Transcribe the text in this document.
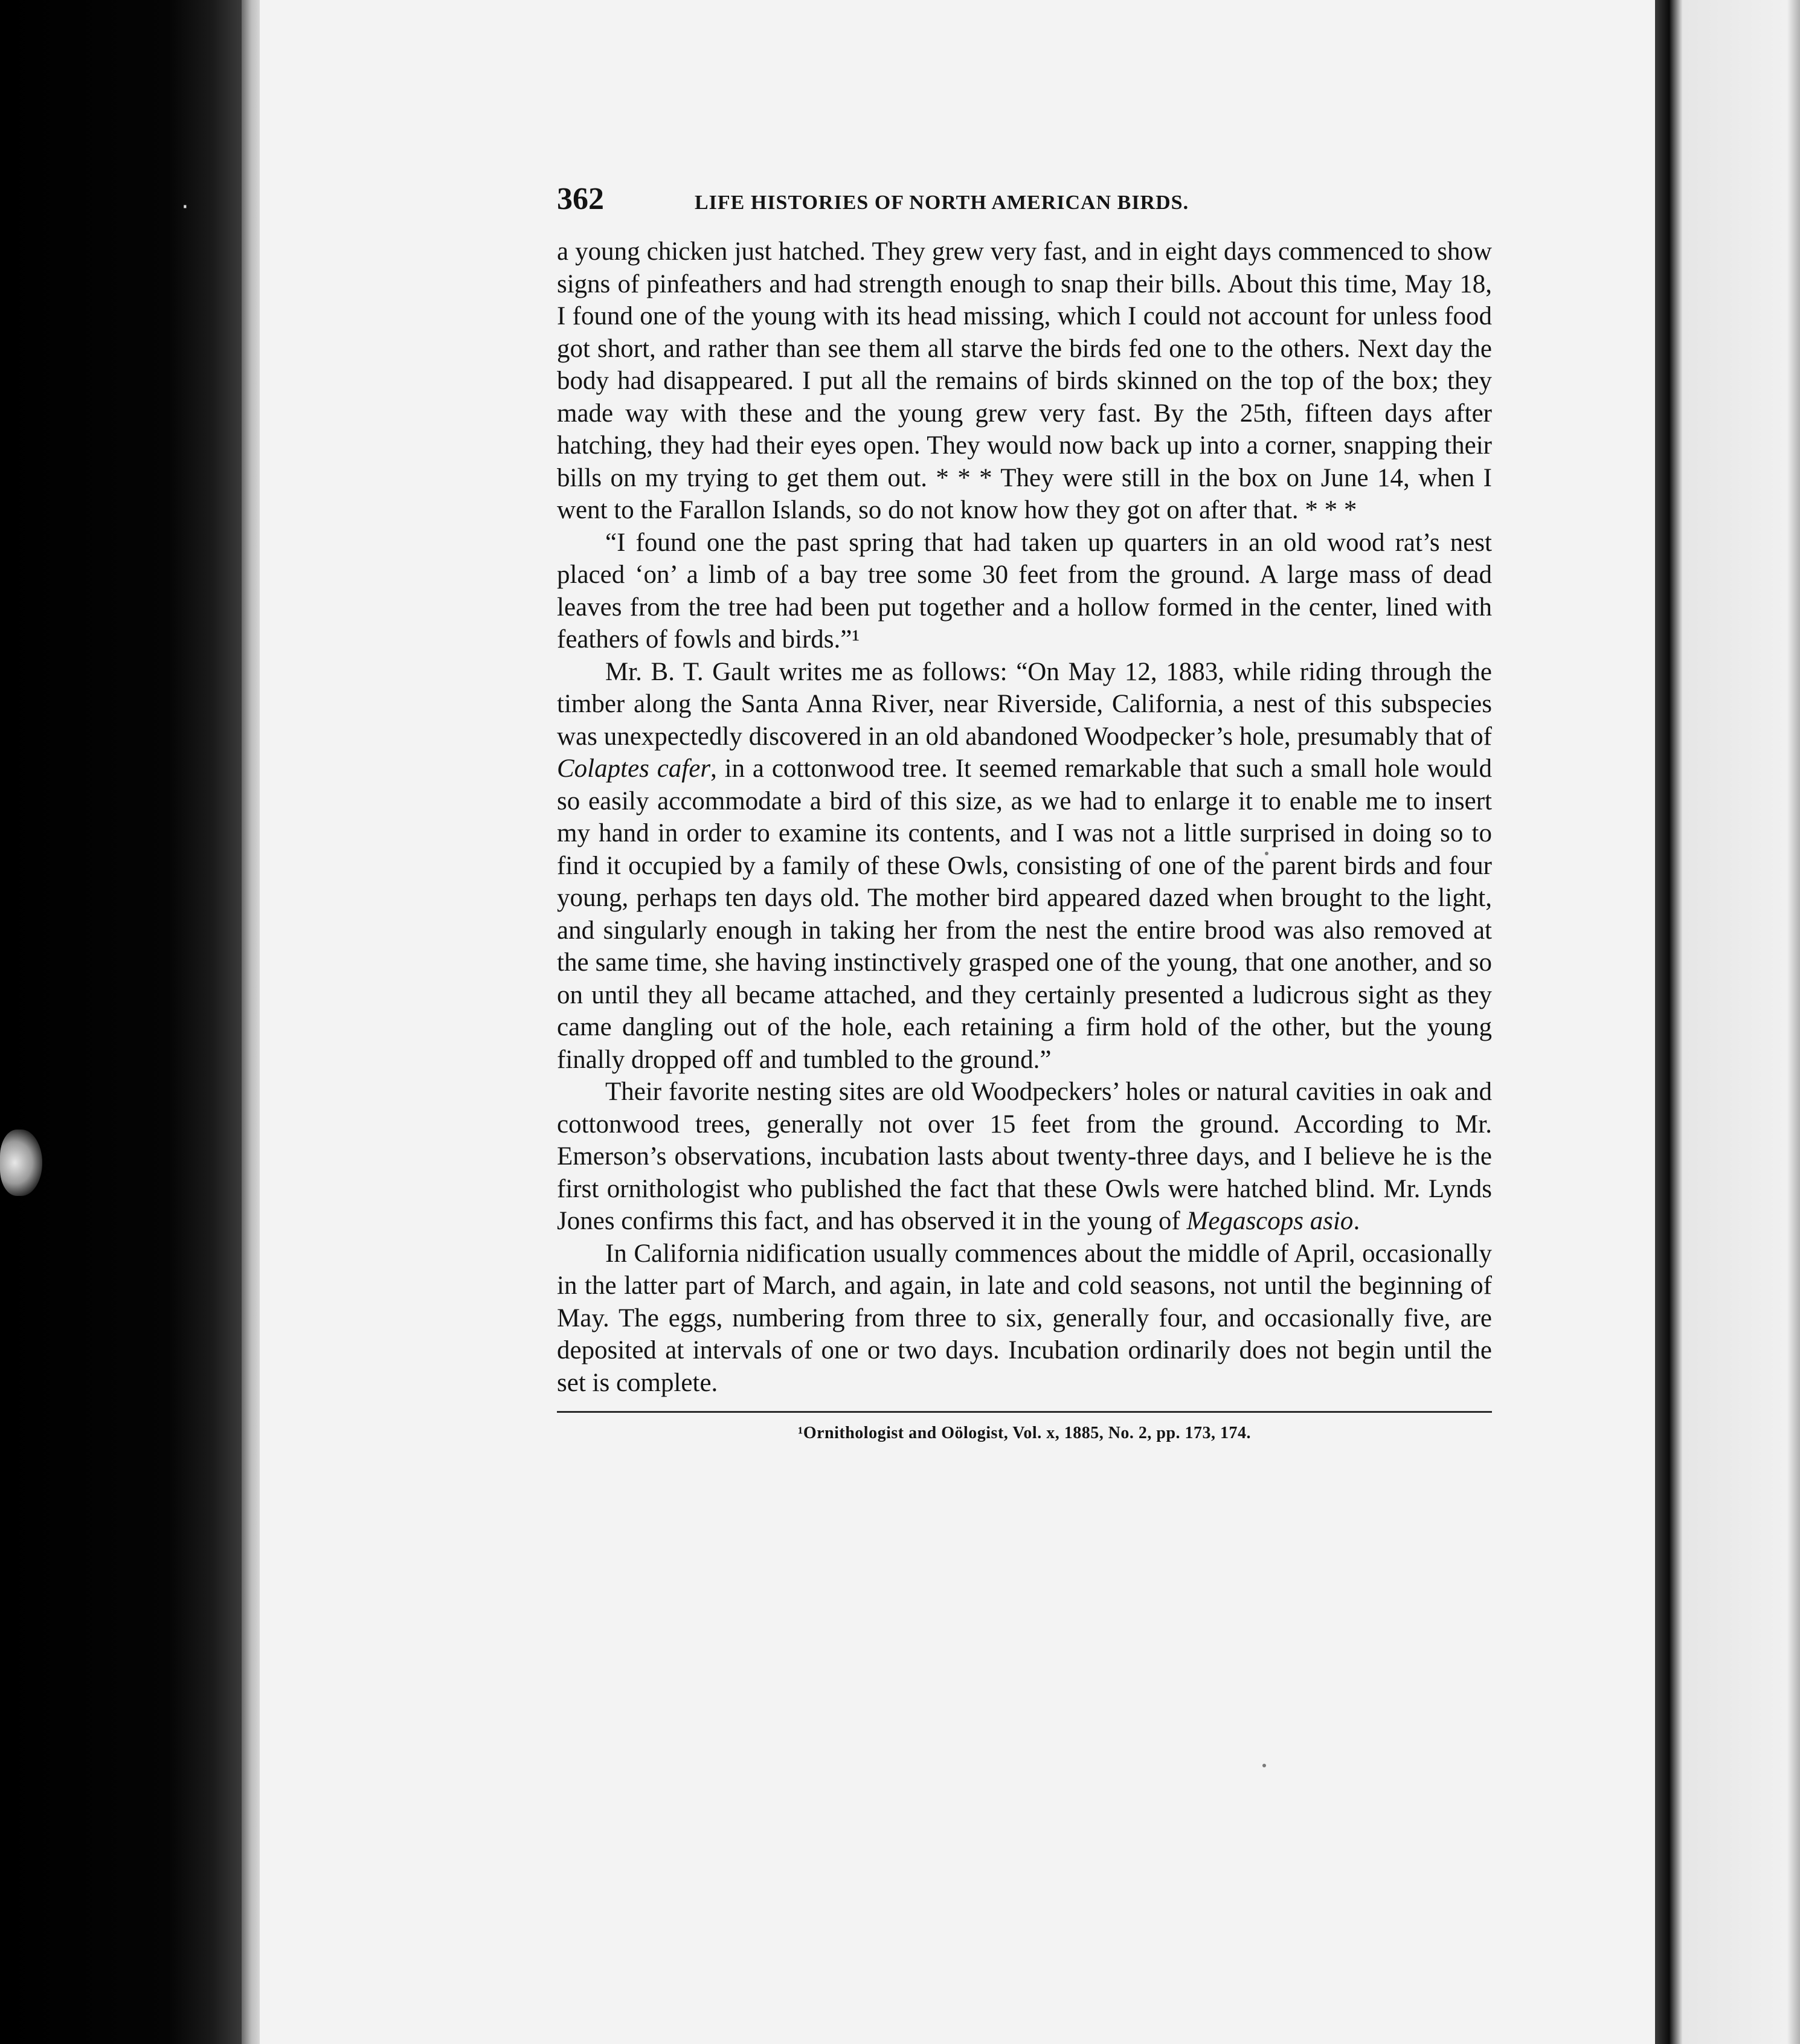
·	362	LIFE HISTORIES OF NORTH AMERICAN BIRDS.

a young chicken just hatched. They grew very fast, and in eight days commenced to show signs of pinfeathers and had strength enough to snap their bills. About this time, May 18, I found one of the young with its head missing, which I could not account for unless food got short, and rather than see them all starve the birds fed one to the others. Next day the body had disappeared. I put all the remains of birds skinned on the top of the box; they made way with these and the young grew very fast. By the 25th, fifteen days after hatching, they had their eyes open. They would now back up into a corner, snapping their bills on my trying to get them out. * * * They were still in the box on June 14, when I went to the Farallon Islands, so do not know how they got on after that. * * *

“I found one the past spring that had taken up quarters in an old wood rat’s nest placed ‘on’ a limb of a bay tree some 30 feet from the ground. A large mass of dead leaves from the tree had been put together and a hollow formed in the center, lined with feathers of fowls and birds.”¹

Mr. B. T. Gault writes me as follows: “On May 12, 1883, while riding through the timber along the Santa Anna River, near Riverside, California, a nest of this subspecies was unexpectedly discovered in an old abandoned Woodpecker’s hole, presumably that of Colaptes cafer, in a cottonwood tree. It seemed remarkable that such a small hole would so easily accommodate a bird of this size, as we had to enlarge it to enable me to insert my hand in order to examine its contents, and I was not a little surprised in doing so to find it occupied by a family of these Owls, consisting of one of the parent birds and four young, perhaps ten days old. The mother bird appeared dazed when brought to the light, and singularly enough in taking her from the nest the entire brood was also removed at the same time, she having instinctively grasped one of the young, that one another, and so on until they all became attached, and they certainly presented a ludicrous sight as they came dangling out of the hole, each retaining a firm hold of the other, but the young finally dropped off and tumbled to the ground.”

Their favorite nesting sites are old Woodpeckers’ holes or natural cavities in oak and cottonwood trees, generally not over 15 feet from the ground. According to Mr. Emerson’s observations, incubation lasts about twenty-three days, and I believe he is the first ornithologist who published the fact that these Owls were hatched blind. Mr. Lynds Jones confirms this fact, and has observed it in the young of Megascops asio.

In California nidification usually commences about the middle of April, occasionally in the latter part of March, and again, in late and cold seasons, not until the beginning of May. The eggs, numbering from three to six, generally four, and occasionally five, are deposited at intervals of one or two days. Incubation ordinarily does not begin until the set is complete.

¹Ornithologist and Oölogist, Vol. x, 1885, No. 2, pp. 173, 174.
